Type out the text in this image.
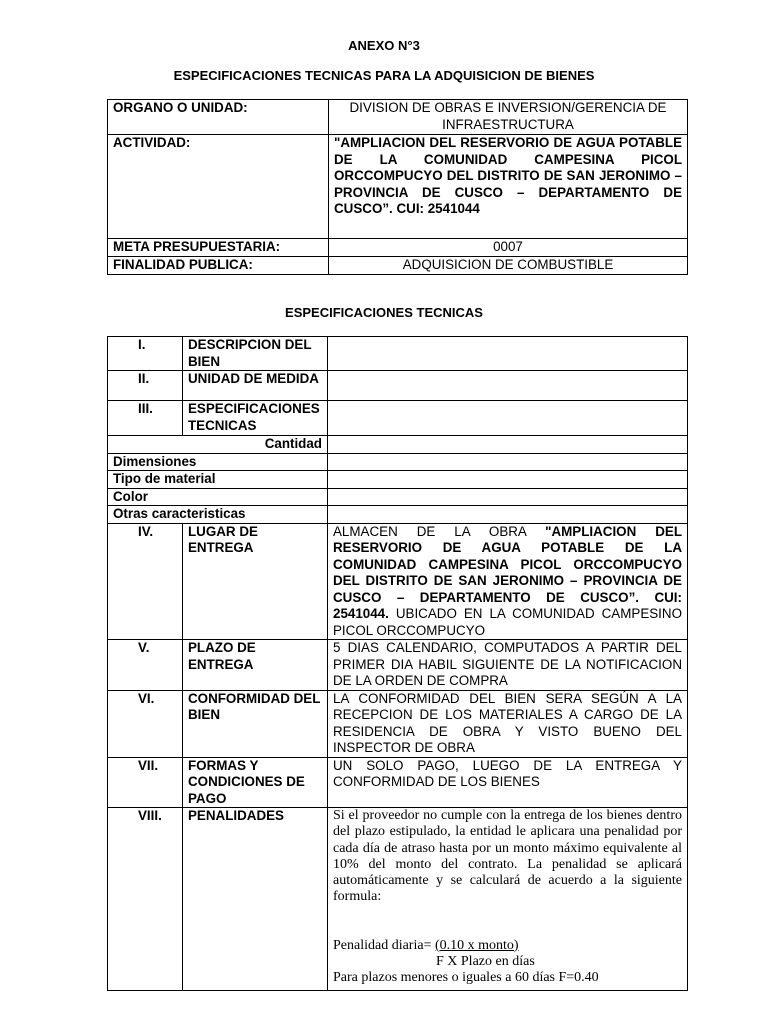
ANEXO N°3
ESPECIFICACIONES TECNICAS PARA LA ADQUISICION DE BIENES
ORGANO O UNIDAD:	DIVISION DE OBRAS E INVERSION/GERENCIA DE INFRAESTRUCTURA
ACTIVIDAD:	"AMPLIACION DEL RESERVORIO DE AGUA POTABLE DE LA COMUNIDAD CAMPESINA PICOL ORCCOMPUCYO DEL DISTRITO DE SAN JERONIMO – PROVINCIA DE CUSCO – DEPARTAMENTO DE CUSCO”. CUI: 2541044
META PRESUPUESTARIA:	0007
FINALIDAD PUBLICA:	ADQUISICION DE COMBUSTIBLE
ESPECIFICACIONES TECNICAS
I.	DESCRIPCION DEL BIEN	
II.	UNIDAD DE MEDIDA	
III.	ESPECIFICACIONES TECNICAS	
Cantidad		
Dimensiones		
Tipo de material		
Color		
Otras caracteristicas		
IV.	LUGAR DE ENTREGA	ALMACEN DE LA OBRA "AMPLIACION DEL RESERVORIO DE AGUA POTABLE DE LA COMUNIDAD CAMPESINA PICOL ORCCOMPUCYO DEL DISTRITO DE SAN JERONIMO – PROVINCIA DE CUSCO – DEPARTAMENTO DE CUSCO”. CUI: 2541044. UBICADO EN LA COMUNIDAD CAMPESINO PICOL ORCCOMPUCYO
V.	PLAZO DE ENTREGA	5 DIAS CALENDARIO, COMPUTADOS A PARTIR DEL PRIMER DIA HABIL SIGUIENTE DE LA NOTIFICACION DE LA ORDEN DE COMPRA
VI.	CONFORMIDAD DEL BIEN	LA CONFORMIDAD DEL BIEN SERA SEGÚN A LA RECEPCION DE LOS MATERIALES A CARGO DE LA RESIDENCIA DE OBRA Y VISTO BUENO DEL INSPECTOR DE OBRA
VII.	FORMAS Y CONDICIONES DE PAGO	UN SOLO PAGO, LUEGO DE LA ENTREGA Y CONFORMIDAD DE LOS BIENES
VIII.	PENALIDADES	Si el proveedor no cumple con la entrega de los bienes dentro del plazo estipulado, la entidad le aplicara una penalidad por cada día de atraso hasta por un monto máximo equivalente al 10% del monto del contrato. La penalidad se aplicará automáticamente y se calculará de acuerdo a la siguiente formula:
Penalidad diaria= (0.10 x monto)
F X Plazo en días
Para plazos menores o iguales a 60 días F=0.40
